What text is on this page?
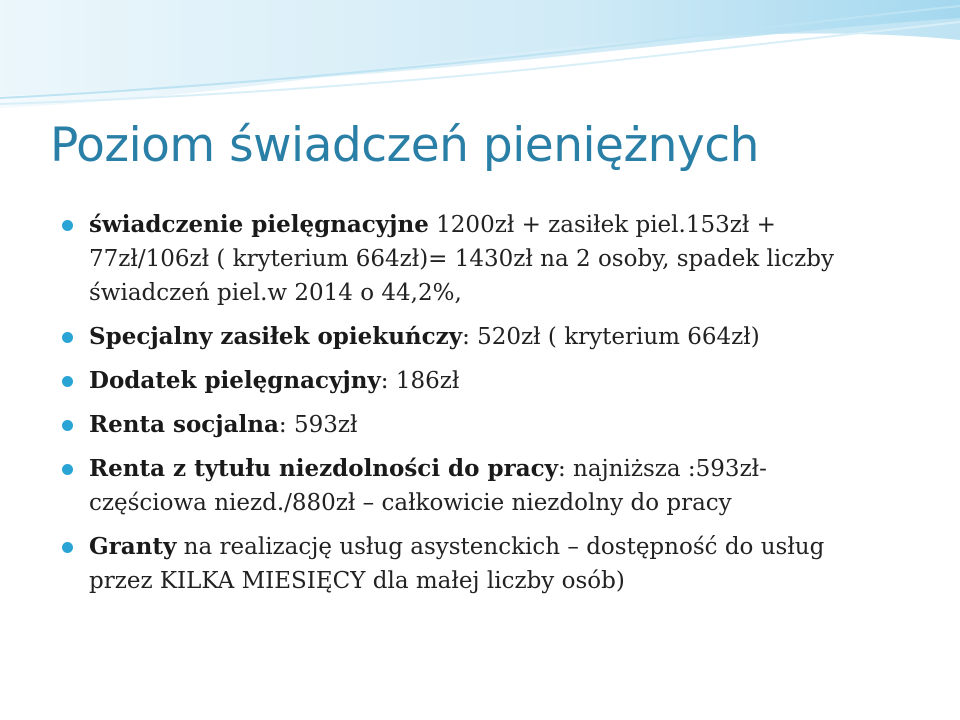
Poziom świadczeń pieniężnych
świadczenie pielęgnacyjne 1200zł + zasiłek piel.153zł + 77zł/106zł ( kryterium 664zł)= 1430zł na 2 osoby, spadek liczby świadczeń piel.w 2014 o 44,2%,
Specjalny zasiłek opiekuńczy: 520zł ( kryterium 664zł)
Dodatek pielęgnacyjny: 186zł
Renta socjalna: 593zł
Renta z tytułu niezdolności do pracy: najniższa :593zł- częściowa niezd./880zł – całkowicie niezdolny do pracy
Granty na realizację usług asystenckich – dostępność do usług przez KILKA MIESIĘCY dla małej liczby osób)
